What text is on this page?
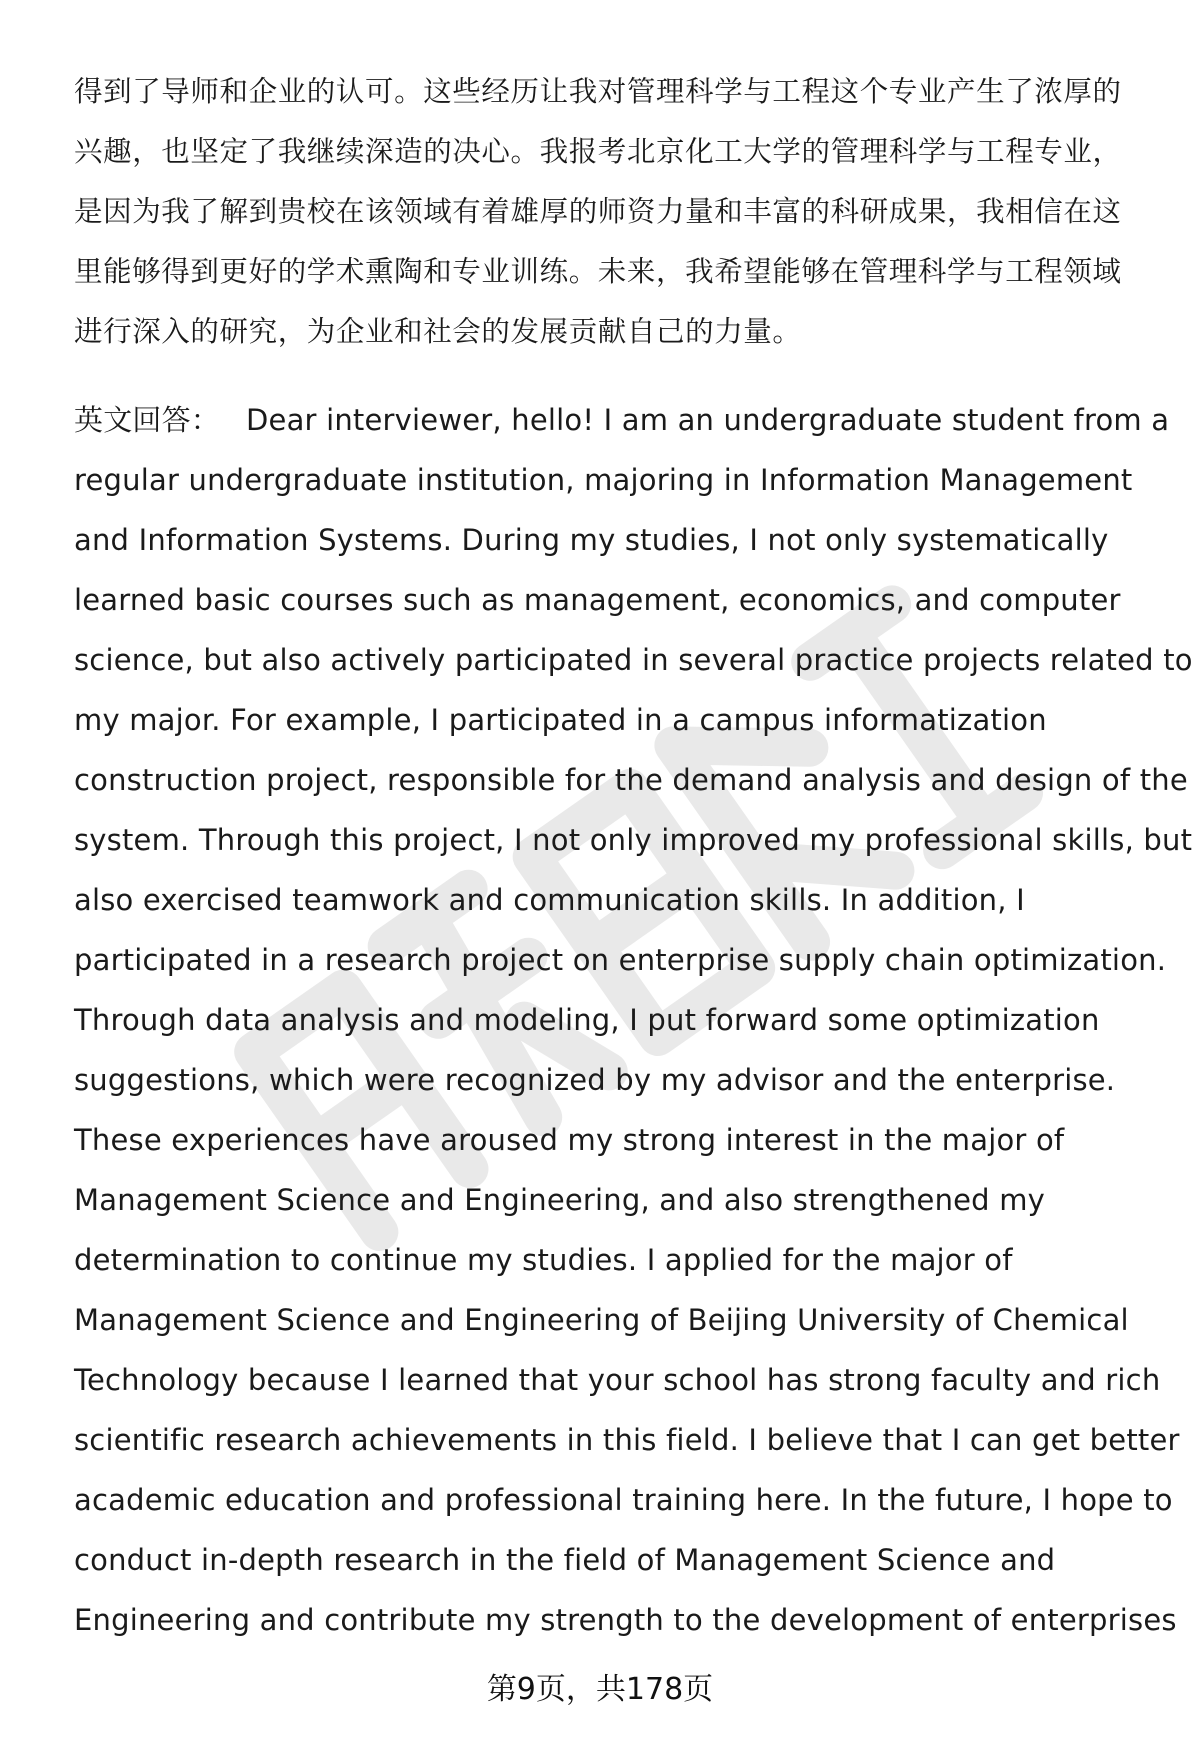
得到了导师和企业的认可。这些经历让我对管理科学与工程这个专业产生了浓厚的
兴趣，也坚定了我继续深造的决心。我报考北京化工大学的管理科学与工程专业，
是因为我了解到贵校在该领域有着雄厚的师资力量和丰富的科研成果，我相信在这
里能够得到更好的学术熏陶和专业训练。未来，我希望能够在管理科学与工程领域
进行深入的研究，为企业和社会的发展贡献自己的力量。
英文回答： Dear interviewer, hello! I am an undergraduate student from a
regular undergraduate institution, majoring in Information Management
and Information Systems. During my studies, I not only systematically
learned basic courses such as management, economics, and computer
science, but also actively participated in several practice projects related to
my major. For example, I participated in a campus informatization
construction project, responsible for the demand analysis and design of the
system. Through this project, I not only improved my professional skills, but
also exercised teamwork and communication skills. In addition, I
participated in a research project on enterprise supply chain optimization.
Through data analysis and modeling, I put forward some optimization
suggestions, which were recognized by my advisor and the enterprise.
These experiences have aroused my strong interest in the major of
Management Science and Engineering, and also strengthened my
determination to continue my studies. I applied for the major of
Management Science and Engineering of Beijing University of Chemical
Technology because I learned that your school has strong faculty and rich
scientific research achievements in this field. I believe that I can get better
academic education and professional training here. In the future, I hope to
conduct in-depth research in the field of Management Science and
Engineering and contribute my strength to the development of enterprises
第9页，共178页
